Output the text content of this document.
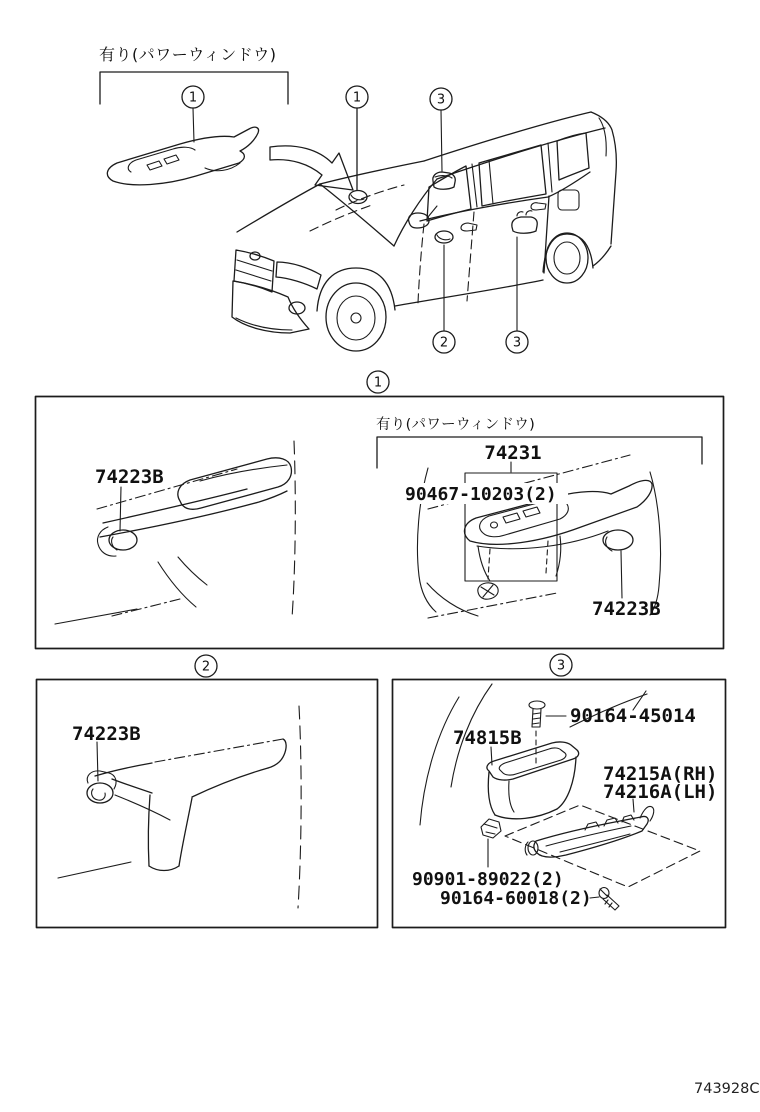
有り(パワーウィンドウ)
1	1	3
2	3
1
2	3
74223B
有り(パワーウィンドウ)
74231
90467-10203(2)
74223B
74223B
90164-45014
74815B
74215A(RH)
74216A(LH)
90901-89022(2)
90164-60018(2)
743928C
